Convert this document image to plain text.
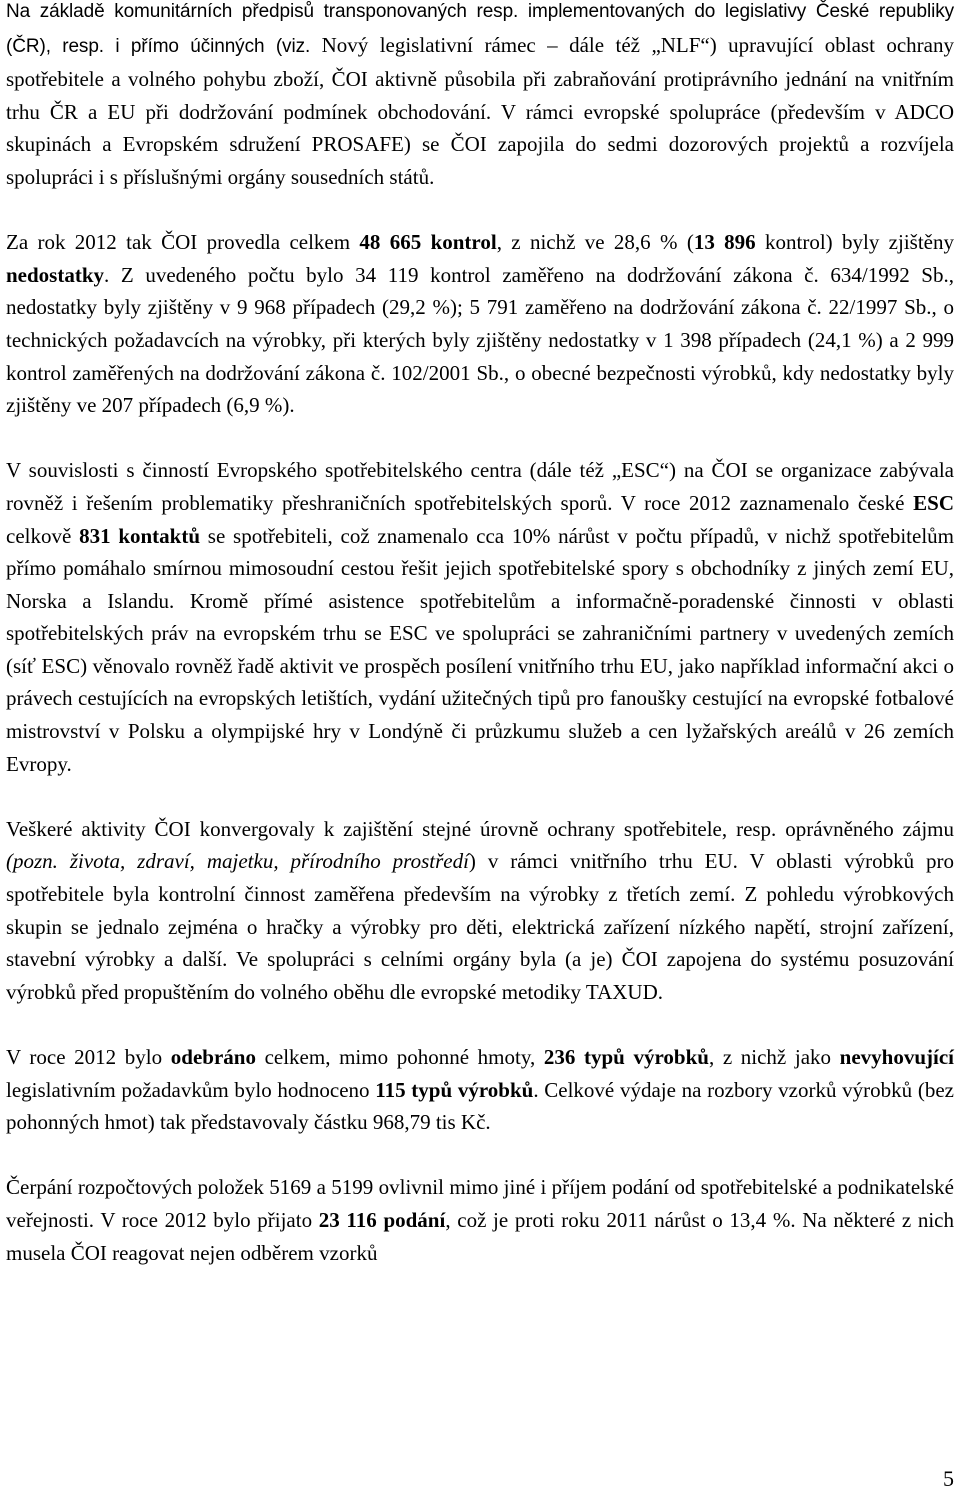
Na základě komunitárních předpisů transponovaných resp. implementovaných do legislativy České republiky (ČR), resp. i přímo účinných (viz. Nový legislativní rámec – dále též „NLF“) upravující oblast ochrany spotřebitele a volného pohybu zboží, ČOI aktivně působila při zabraňování protiprávního jednání na vnitřním trhu ČR a EU při dodržování podmínek obchodování. V rámci evropské spolupráce (především v ADCO skupinách a Evropském sdružení PROSAFE) se ČOI zapojila do sedmi dozorových projektů a rozvíjela spolupráci i s příslušnými orgány sousedních států.

Za rok 2012 tak ČOI provedla celkem 48 665 kontrol, z nichž ve 28,6 % (13 896 kontrol) byly zjištěny nedostatky. Z uvedeného počtu bylo 34 119 kontrol zaměřeno na dodržování zákona č. 634/1992 Sb., nedostatky byly zjištěny v 9 968 případech (29,2 %); 5 791 zaměřeno na dodržování zákona č. 22/1997 Sb., o technických požadavcích na výrobky, při kterých byly zjištěny nedostatky v 1 398 případech (24,1 %) a 2 999 kontrol zaměřených na dodržování zákona č. 102/2001 Sb., o obecné bezpečnosti výrobků, kdy nedostatky byly zjištěny ve 207 případech (6,9 %).

V souvislosti s činností Evropského spotřebitelského centra (dále též „ESC“) na ČOI se organizace zabývala rovněž i řešením problematiky přeshraničních spotřebitelských sporů. V roce 2012 zaznamenalo české ESC celkově 831 kontaktů se spotřebiteli, což znamenalo cca 10% nárůst v počtu případů, v nichž spotřebitelům přímo pomáhalo smírnou mimosoudní cestou řešit jejich spotřebitelské spory s obchodníky z jiných zemí EU, Norska a Islandu. Kromě přímé asistence spotřebitelům a informačně-poradenské činnosti v oblasti spotřebitelských práv na evropském trhu se ESC ve spolupráci se zahraničními partnery v uvedených zemích (síť ESC) věnovalo rovněž řadě aktivit ve prospěch posílení vnitřního trhu EU, jako například informační akci o právech cestujících na evropských letištích, vydání užitečných tipů pro fanoušky cestující na evropské fotbalové mistrovství v Polsku a olympijské hry v Londýně či průzkumu služeb a cen lyžařských areálů v 26 zemích Evropy.

Veškeré aktivity ČOI konvergovaly k zajištění stejné úrovně ochrany spotřebitele, resp. oprávněného zájmu (pozn. života, zdraví, majetku, přírodního prostředí) v rámci vnitřního trhu EU. V oblasti výrobků pro spotřebitele byla kontrolní činnost zaměřena především na výrobky z třetích zemí. Z pohledu výrobkových skupin se jednalo zejména o hračky a výrobky pro děti, elektrická zařízení nízkého napětí, strojní zařízení, stavební výrobky a další. Ve spolupráci s celními orgány byla (a je) ČOI zapojena do systému posuzování výrobků před propuštěním do volného oběhu dle evropské metodiky TAXUD.

V roce 2012 bylo odebráno celkem, mimo pohonné hmoty, 236 typů výrobků, z nichž jako nevyhovující legislativním požadavkům bylo hodnoceno 115 typů výrobků. Celkové výdaje na rozbory vzorků výrobků (bez pohonných hmot) tak představovaly částku 968,79 tis Kč.

Čerpání rozpočtových položek 5169 a 5199 ovlivnil mimo jiné i příjem podání od spotřebitelské a podnikatelské veřejnosti. V roce 2012 bylo přijato 23 116 podání, což je proti roku 2011 nárůst o 13,4 %. Na některé z nich musela ČOI reagovat nejen odběrem vzorků

5
